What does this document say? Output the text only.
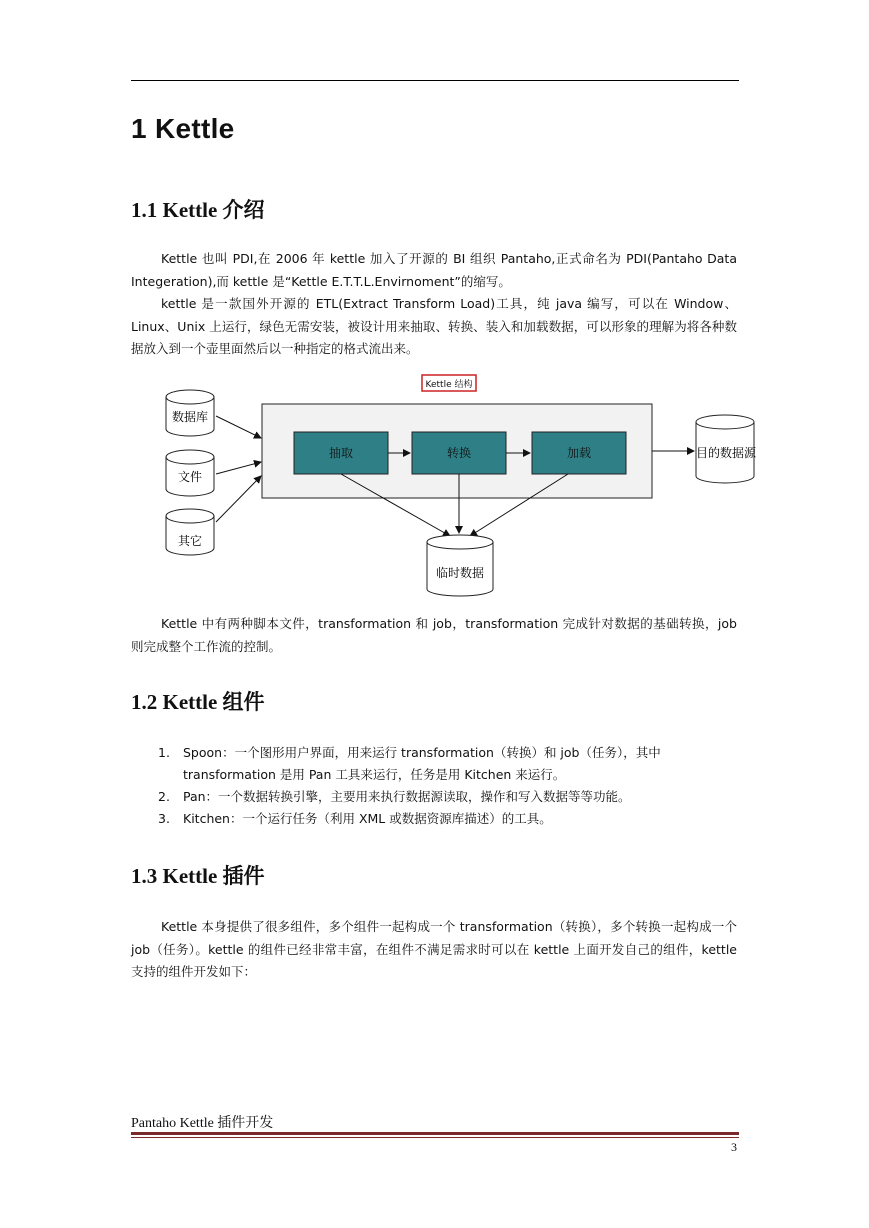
1 Kettle
1.1 Kettle 介绍

Kettle 也叫 PDI,在 2006 年 kettle 加入了开源的 BI 组织 Pantaho,正式命名为 PDI(Pantaho Data Integeration),而 kettle 是“Kettle E.T.T.L.Envirnoment”的缩写。

kettle 是一款国外开源的 ETL(Extract Transform Load)工具，纯 java 编写，可以在 Window、Linux、Unix 上运行，绿色无需安装，被设计用来抽取、转换、装入和加载数据，可以形象的理解为将各种数据放入到一个壶里面然后以一种指定的格式流出来。

Kettle 结构
数据库
文件
其它
抽取	转换	加载	目的数据源
临时数据

Kettle 中有两种脚本文件，transformation 和 job，transformation 完成针对数据的基础转换，job 则完成整个工作流的控制。

1.2 Kettle 组件
1. Spoon：一个图形用户界面，用来运行 transformation（转换）和 job（任务），其中 transformation 是用 Pan 工具来运行，任务是用 Kitchen 来运行。
2. Pan：一个数据转换引擎，主要用来执行数据源读取，操作和写入数据等等功能。
3. Kitchen：一个运行任务（利用 XML 或数据资源库描述）的工具。
1.3 Kettle 插件

Kettle 本身提供了很多组件，多个组件一起构成一个 transformation（转换），多个转换一起构成一个 job（任务）。kettle 的组件已经非常丰富，在组件不满足需求时可以在 kettle 上面开发自己的组件，kettle 支持的组件开发如下：

Pantaho Kettle 插件开发
3
